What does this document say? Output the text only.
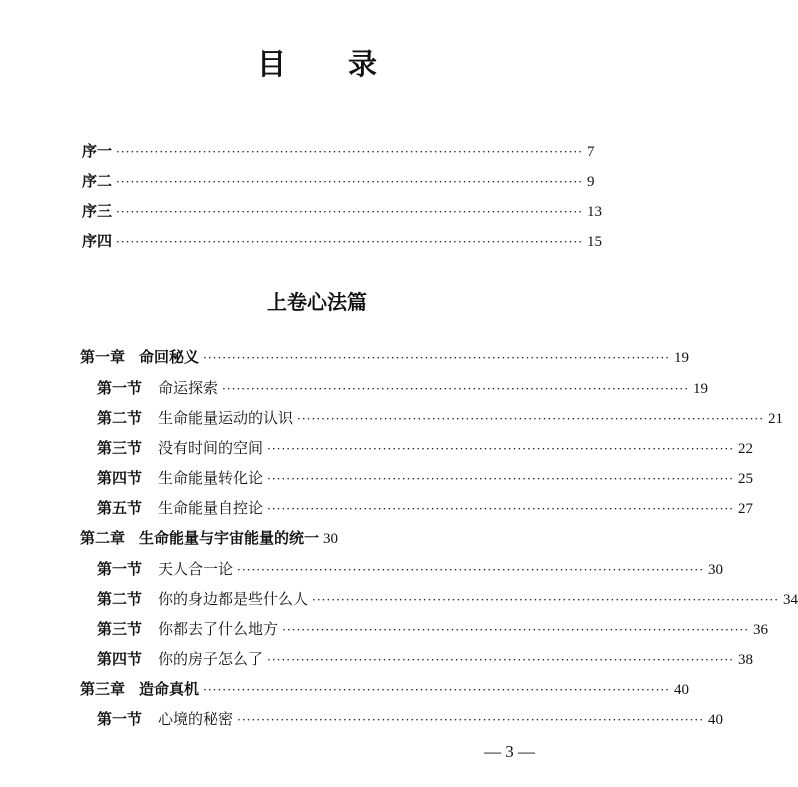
目 录
序一 ································································································· 7
序二 ································································································· 9
序三 ································································································· 13
序四 ································································································· 15
上卷心法篇
第一章 命回秘义 ································································································· 19
第一节 命运探索 ································································································· 19
第二节 生命能量运动的认识 ································································································· 21
第三节 没有时间的空间 ································································································· 22
第四节 生命能量转化论 ································································································· 25
第五节 生命能量自控论 ································································································· 27
第二章 生命能量与宇宙能量的统一 30
第一节 天人合一论 ································································································· 30
第二节 你的身边都是些什么人 ································································································· 34
第三节 你都去了什么地方 ································································································· 36
第四节 你的房子怎么了 ································································································· 38
第三章 造命真机 ································································································· 40
第一节 心境的秘密 ································································································· 40
— 3 —
